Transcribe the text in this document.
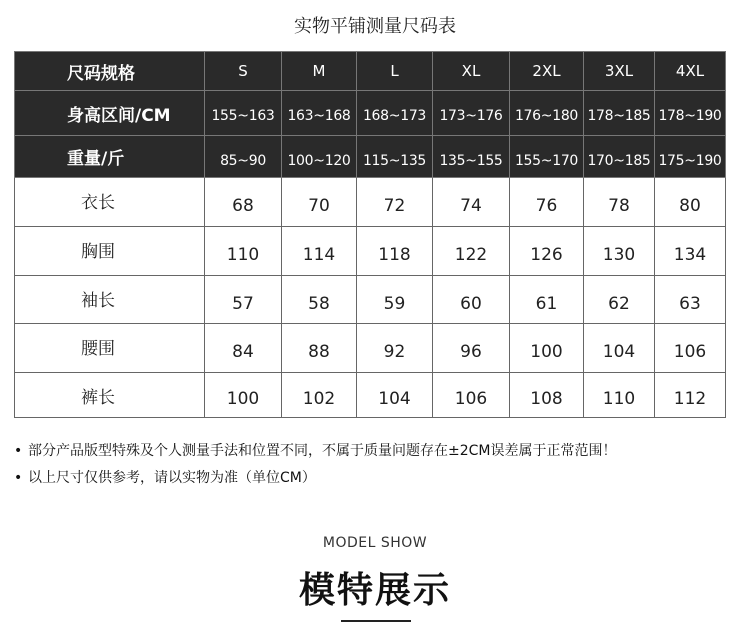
实物平铺测量尺码表
尺码规格	S	M	L	XL	2XL	3XL	4XL
身高区间/CM	155~163	163~168	168~173	173~176	176~180	178~185	178~190
重量/斤	85~90	100~120	115~135	135~155	155~170	170~185	175~190
衣长	68	70	72	74	76	78	80
胸围	110	114	118	122	126	130	134
袖长	57	58	59	60	61	62	63
腰围	84	88	92	96	100	104	106
裤长	100	102	104	106	108	110	112
• 部分产品版型特殊及个人测量手法和位置不同，不属于质量问题存在±2CM误差属于正常范围！
• 以上尺寸仅供参考，请以实物为准（单位CM）
MODEL SHOW
模特展示
